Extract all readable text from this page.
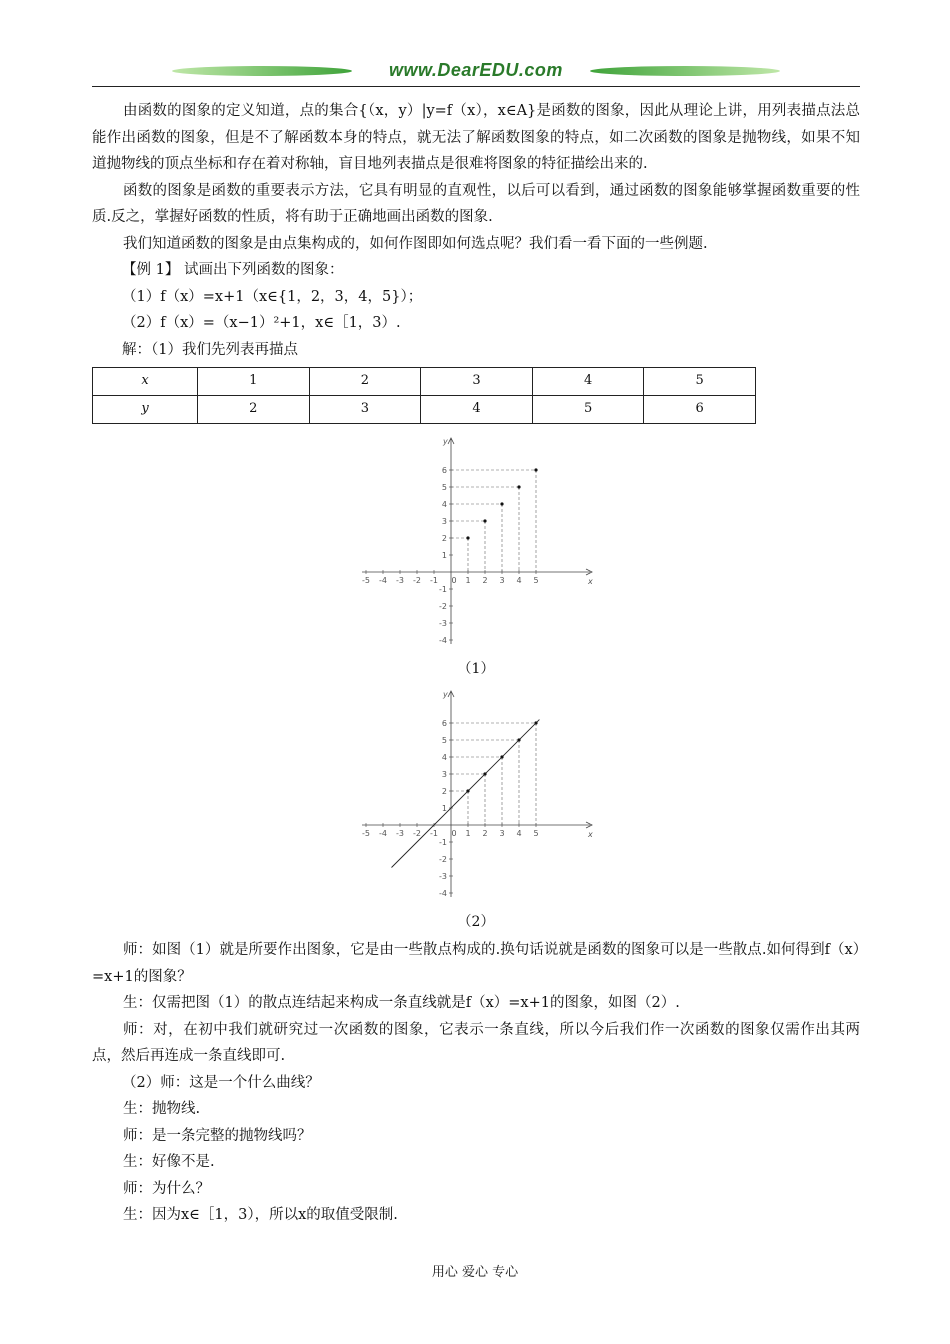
www.DearEDU.com

由函数的图象的定义知道，点的集合{（x，y）|y=f（x），x∈A}是函数的图象，因此从理论上讲，用列表描点法总能作出函数的图象，但是不了解函数本身的特点，就无法了解函数图象的特点，如二次函数的图象是抛物线，如果不知道抛物线的顶点坐标和存在着对称轴，盲目地列表描点是很难将图象的特征描绘出来的.

函数的图象是函数的重要表示方法，它具有明显的直观性，以后可以看到，通过函数的图象能够掌握函数重要的性质.反之，掌握好函数的性质，将有助于正确地画出函数的图象.

我们知道函数的图象是由点集构成的，如何作图即如何选点呢？我们看一看下面的一些例题.

【例 1】 试画出下列函数的图象：

（1）f（x）=x+1（x∈{1，2，3，4，5}）；

（2）f（x）=（x−1）²+1，x∈［1，3）.

解：（1）我们先列表再描点

x	1	2	3	4	5
y	2	3	4	5	6
x
y
-5 -4 -3 -2 -1 0 1 2 3 4 5
6
5
4
3
2
1
-1
-2
-3
-4
（1）
x
y
-5 -4 -3 -2 -1 0 1 2 3 4 5
6
5
4
3
2
1
-1
-2
-3
-4
（2）

师：如图（1）就是所要作出图象，它是由一些散点构成的.换句话说就是函数的图象可以是一些散点.如何得到f（x）=x+1的图象？

生：仅需把图（1）的散点连结起来构成一条直线就是f（x）=x+1的图象，如图（2）.

师：对，在初中我们就研究过一次函数的图象，它表示一条直线，所以今后我们作一次函数的图象仅需作出其两点，然后再连成一条直线即可.

（2）师：这是一个什么曲线？

生：抛物线.

师：是一条完整的抛物线吗？

生：好像不是.

师：为什么？

生：因为x∈［1，3），所以x的取值受限制.

用心 爱心 专心
